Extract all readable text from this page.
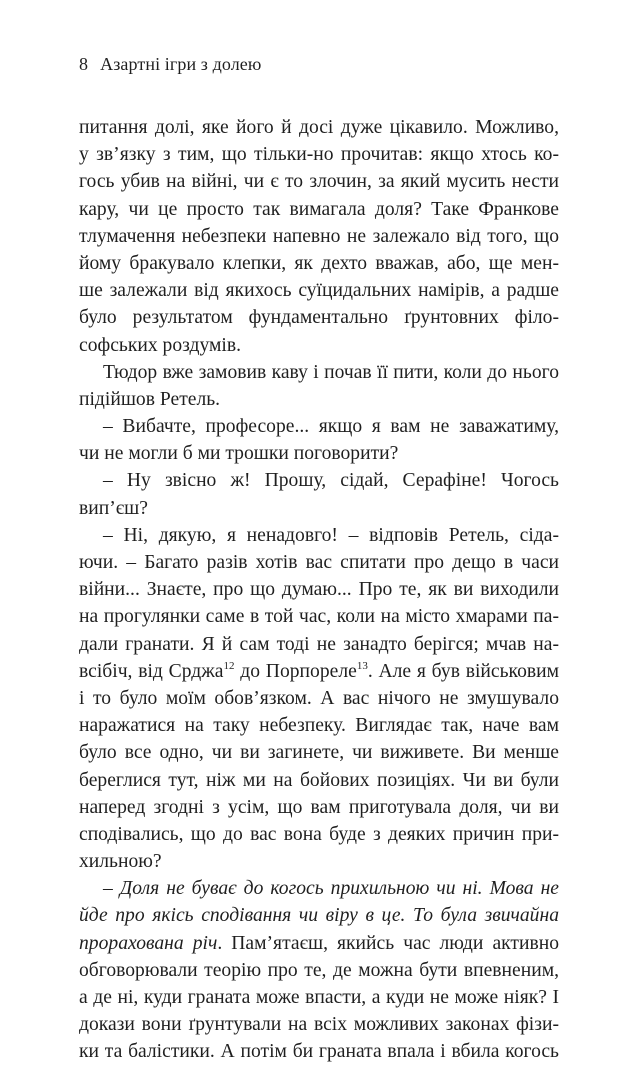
8 Азартні ігри з долею
питання долі, яке його й досі дуже цікавило. Можливо,
у зв’язку з тим, що тільки-но прочитав: якщо хтось ко-
гось убив на війні, чи є то злочин, за який мусить нести
кару, чи це просто так вимагала доля? Таке Франкове
тлумачення небезпеки напевно не залежало від того, що
йому бракувало клепки, як дехто вважав, або, ще мен-
ше залежали від якихось суїцидальних намірів, а радше
було результатом фундаментально ґрунтовних філо-
софських роздумів.
Тюдор вже замовив каву і почав її пити, коли до нього
підійшов Ретель.
– Вибачте, професоре... якщо я вам не заважатиму,
чи не могли б ми трошки поговорити?
– Ну звісно ж! Прошу, сідай, Серафіне! Чогось
вип’єш?
– Ні, дякую, я ненадовго! – відповів Ретель, сіда-
ючи. – Багато разів хотів вас спитати про дещо в часи
війни... Знаєте, про що думаю... Про те, як ви виходили
на прогулянки саме в той час, коли на місто хмарами па-
дали гранати. Я й сам тоді не занадто берігся; мчав на-
всібіч, від Срджа$^{12}$ до Порпореле$^{13}$. Але я був військовим
і то було моїм обов’язком. А вас нічого не змушувало
наражатися на таку небезпеку. Виглядає так, наче вам
було все одно, чи ви загинете, чи виживете. Ви менше
береглися тут, ніж ми на бойових позиціях. Чи ви були
наперед згодні з усім, що вам приготувала доля, чи ви
сподівались, що до вас вона буде з деяких причин при-
хильною?
– Доля не буває до когось прихильною чи ні. Мова не
йде про якісь сподівання чи віру в це. То була звичайна
прорахована річ. Пам’ятаєш, якийсь час люди активно
обговорювали теорію про те, де можна бути впевненим,
а де ні, куди граната може впасти, а куди не може ніяк? І
докази вони ґрунтували на всіх можливих законах фізи-
ки та балістики. А потім би граната впала і вбила когось
